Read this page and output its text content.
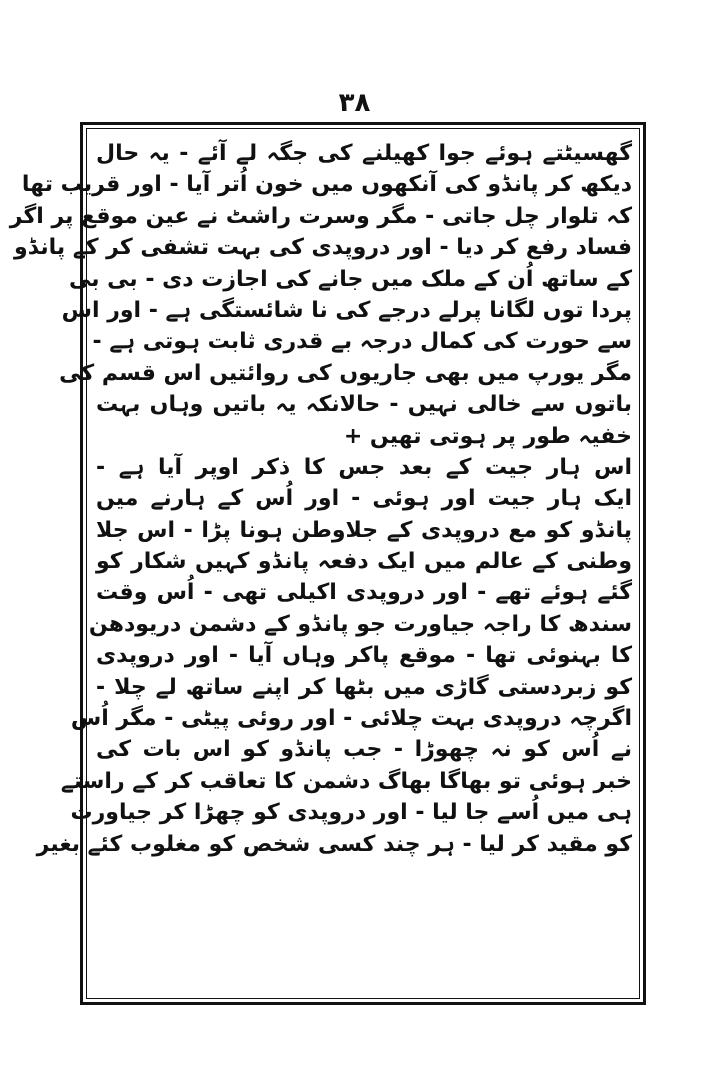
۳۸
گھسیٹتے ہوئے جوا کھیلنے کی جگہ لے آئے - یہ حال
دیکھ کر پانڈو کی آنکھوں میں خون اُتر آیا - اور قریب تھا
کہ تلوار چل جاتی - مگر وسرت راشٹ نے عین موقع پر اگر
فساد رفع کر دیا - اور دروپدی کی بہت تشفی کر کے پانڈو
کے ساتھ اُن کے ملک میں جانے کی اجازت دی - بی بی
پردا توں لگانا پرلے درجے کی نا شائستگی ہے - اور اس
سے حورت کی کمال درجہ بے قدری ثابت ہوتی ہے -
مگر یورپ میں بھی جاریوں کی روائتیں اس قسم کی
باتوں سے خالی نہیں - حالانکہ یہ باتیں وہاں بہت
خفیہ طور پر ہوتی تھیں +
اس ہار جیت کے بعد جس کا ذکر اوپر آیا ہے -
ایک ہار جیت اور ہوئی - اور اُس کے ہارنے میں
پانڈو کو مع دروپدی کے جلاوطن ہونا پڑا - اس جلا
وطنی کے عالم میں ایک دفعہ پانڈو کہیں شکار کو
گئے ہوئے تھے - اور دروپدی اکیلی تھی - اُس وقت
سندھ کا راجہ جیاورت جو پانڈو کے دشمن دریودھن
کا بہنوئی تھا - موقع پاکر وہاں آیا - اور دروپدی
کو زبردستی گاڑی میں بٹھا کر اپنے ساتھ لے چلا -
اگرچہ دروپدی بہت چلائی - اور روئی پیٹی - مگر اُس
نے اُس کو نہ چھوڑا - جب پانڈو کو اس بات کی
خبر ہوئی تو بھاگا بھاگ دشمن کا تعاقب کر کے راستے
ہی میں اُسے جا لیا - اور دروپدی کو چھڑا کر جیاورت
کو مقید کر لیا - ہر چند کسی شخص کو مغلوب کئے بغیر
